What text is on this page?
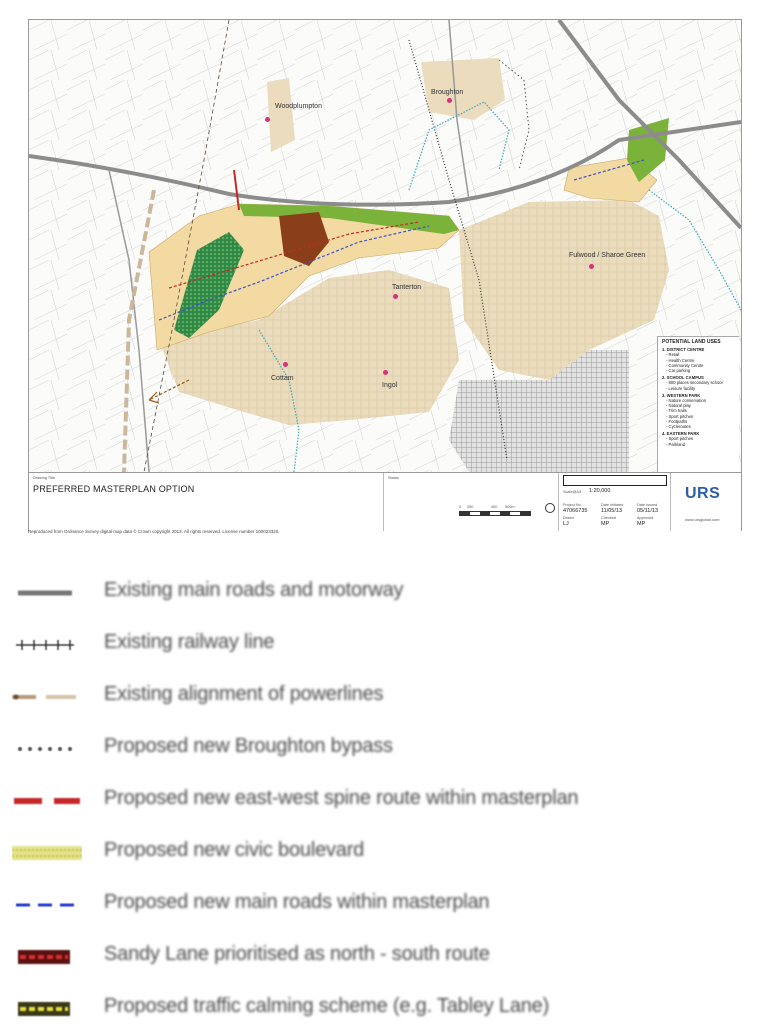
Woodplumpton
Broughton
Tanterton
Fulwood / Sharoe Green
Cottam
Ingol
POTENTIAL LAND USES
1. DISTRICT CENTRE
- Retail
- Health Centre
- Community Centre
- Car parking
2. SCHOOL CAMPUS
- 800 places secondary school
- Leisure facility
3. WESTERN PARK
- Nature conservation
- Natural play
- Trim trails
- Sport pitches
- Footpaths
- Cycleroutes
4. EASTERN PARK
- Sport pitches
- Parkland
Drawing Title
PREFERRED MASTERPLAN OPTION
Status
Scale@A3 1:20,000
Project No.
47066735
Date Initiated
11/05/13
Date Issued
05/11/13
Drawn
LJ
Checked
MP
Approved
MP
0 250	400 500m
URS
www.ursglobal.com
Reproduced from Ordnance Survey digital map data © Crown copyright 2013. All rights reserved. License number 100023320.
Existing main roads and motorway
Existing railway line
Existing alignment of powerlines
Proposed new Broughton bypass
Proposed new east-west spine route within masterplan
Proposed new civic boulevard
Proposed new main roads within masterplan
Sandy Lane prioritised as north - south route
Proposed traffic calming scheme (e.g. Tabley Lane)
